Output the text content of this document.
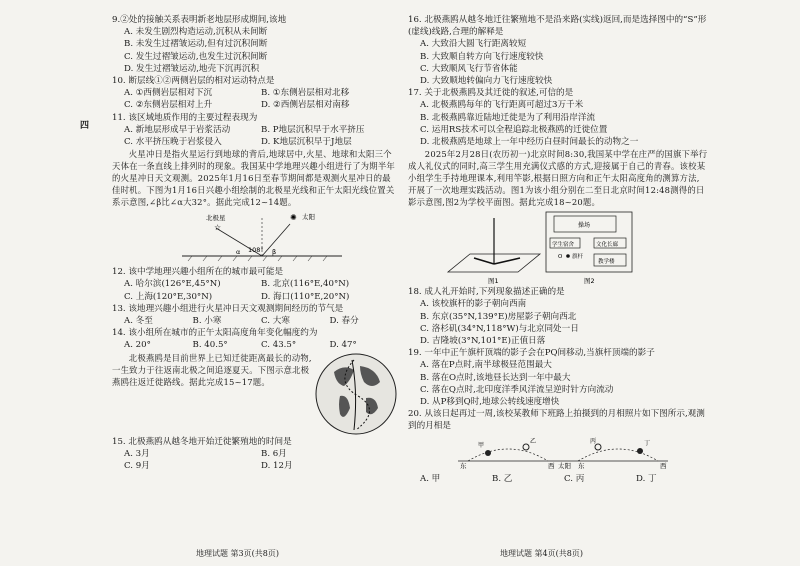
四
9.②处的接触关系表明新老地层形成期间,该地
A. 未发生剧烈构造运动,沉积从未间断
B. 未发生过褶皱运动,但有过沉积间断
C. 发生过褶皱运动,也发生过沉积间断
D. 发生过褶皱运动,地壳下沉再沉积
10. 断层线①②两侧岩层的相对运动特点是
A. ①西侧岩层相对下沉	B. ①东侧岩层相对北移
C. ②东侧岩层相对上升	D. ②西侧岩层相对南移
11. 该区域地质作用的主要过程表现为
A. 新地层形成早于岩浆活动	B. P地层沉积早于水平挤压
C. 水平挤压晚于岩浆侵入	D. K地层沉积早于J地层
火星冲日是指火星运行到地球的背后,地球居中,火星、地球和太阳三个天体在一条直线上排列时的现象。我国某中学地理兴趣小组进行了为期半年的火星冲日天文观测。2025年1月16日至春节期间都是观测火星冲日的最佳时机。下图为1月16日兴趣小组绘制的北极星光线和正午太阳光线位置关系示意图,∠β比∠α大32°。据此完成12~14题。
北极星
☆
✺ 太阳
108°
α	β
12. 该中学地理兴趣小组所在的城市最可能是
A. 哈尔滨(126°E,45°N)	B. 北京(116°E,40°N)
C. 上海(120°E,30°N)	D. 海口(110°E,20°N)
13. 该地理兴趣小组进行火星冲日天文观测期间经历的节气是
A. 冬至	B. 小寒	C. 大寒	D. 春分
14. 该小组所在城市的正午太阳高度角年变化幅度约为
A. 20°	B. 40.5°	C. 43.5°	D. 47°
北极燕鸥是目前世界上已知迁徙距离最长的动物,一生致力于往返南北极之间追逐夏天。下图示意北极燕鸥往返迁徙路线。据此完成15~17题。
15. 北极燕鸥从越冬地开始迁徙繁殖地的时间是
A. 3月	B. 6月
C. 9月	D. 12月
地理试题 第3页(共8页)
16. 北极燕鸥从越冬地迁往繁殖地不是沿来路(实线)返回,而是选择图中的“S”形(虚线)线路,合理的解释是
A. 大致沿大圆飞行距离较短
B. 大致顺自转方向飞行速度较快
C. 大致顺风飞行节省体能
D. 大致顺地转偏向力飞行速度较快
17. 关于北极燕鸥及其迁徙的叙述,可信的是
A. 北极燕鸥每年的飞行距离可超过3万千米
B. 北极燕鸥靠近陆地迁徙是为了利用沿岸洋流
C. 运用RS技术可以全程追踪北极燕鸥的迁徙位置
D. 北极燕鸥是地球上一年中经历白昼时间最长的动物之一
2025年2月28日(农历初一)北京时间8:30,我国某中学在庄严的国旗下举行成人礼仪式的同时,高三学生用充满仪式感的方式,迎接属于自己的青春。该校某小组学生手持地理课本,利用竿影,根据日照方向和正午太阳高度角的测算方法,开展了一次地理实践活动。图1为该小组分别在二至日北京时间12:48测得的日影示意图,图2为学校平面图。据此完成18~20题。
图1
操场
学生宿舍	文化长廊
O 旗杆
教学楼
图2
18. 成人礼开始时,下列现象描述正确的是
A. 该校旗杆的影子朝向西南
B. 东京(35°N,139°E)房屋影子朝向西北
C. 洛杉矶(34°N,118°W)与北京同处一日
D. 吉隆坡(3°N,101°E)正值日落
19. 一年中正午旗杆顶端的影子会在PQ间移动,当旗杆顶端的影子
A. 落在P点时,南半球极昼范围最大
B. 落在O点时,该地昼长达到一年中最大
C. 落在Q点时,北印度洋季风洋流呈逆时针方向流动
D. 从P移到Q时,地球公转线速度增快
20. 从该日起再过一周,该校某教师下班路上拍摄到的月相照片如下图所示,观测到的月相是
东	西 太阳 东	西
甲
乙	丙	丁
A. 甲	B. 乙	C. 丙	D. 丁
地理试题 第4页(共8页)
